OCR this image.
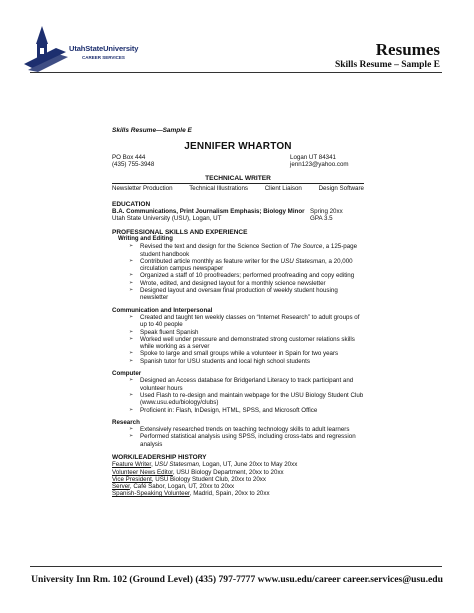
UtahStateUniversity
CAREER SERVICES	Resumes
Skills Resume – Sample E
Skills Resume—Sample E
JENNIFER WHARTON
PO Box 444	Logan UT 84341
(435) 755-3948	jenn123@yahoo.com
TECHNICAL WRITER
Newsletter Production	Technical Illustrations	Client Liaison	Design Software
EDUCATION
B.A. Communications, Print Journalism Emphasis; Biology Minor Spring 20xx
Utah State University (USU), Logan, UT	GPA 3.5
PROFESSIONAL SKILLS AND EXPERIENCE
Writing and Editing
➢ Revised the text and design for the Science Section of The Source, a 125-page student handbook
➢ Contributed article monthly as feature writer for the USU Statesman, a 20,000 circulation campus newspaper
➢ Organized a staff of 10 proofreaders; performed proofreading and copy editing
➢ Wrote, edited, and designed layout for a monthly science newsletter
➢ Designed layout and oversaw final production of weekly student housing newsletter
Communication and Interpersonal
➢ Created and taught ten weekly classes on “Internet Research” to adult groups of up to 40 people
➢ Speak fluent Spanish
➢ Worked well under pressure and demonstrated strong customer relations skills while working as a server
➢ Spoke to large and small groups while a volunteer in Spain for two years
➢ Spanish tutor for USU students and local high school students
Computer
➢ Designed an Access database for Bridgerland Literacy to track participant and volunteer hours
➢ Used Flash to re-design and maintain webpage for the USU Biology Student Club (www.usu.edu/biology/clubs)
➢ Proficient in: Flash, InDesign, HTML, SPSS, and Microsoft Office
Research
➢ Extensively researched trends on teaching technology skills to adult learners
➢ Performed statistical analysis using SPSS, including cross-tabs and regression analysis
WORK/LEADERSHIP HISTORY
Feature Writer, USU Statesman, Logan, UT, June 20xx to May 20xx
Volunteer News Editor, USU Biology Department, 20xx to 20xx
Vice President, USU Biology Student Club, 20xx to 20xx
Server, Café Sabor, Logan, UT, 20xx to 20xx
Spanish-Speaking Volunteer, Madrid, Spain, 20xx to 20xx
University Inn Rm. 102 (Ground Level) (435) 797-7777 www.usu.edu/career career.services@usu.edu
